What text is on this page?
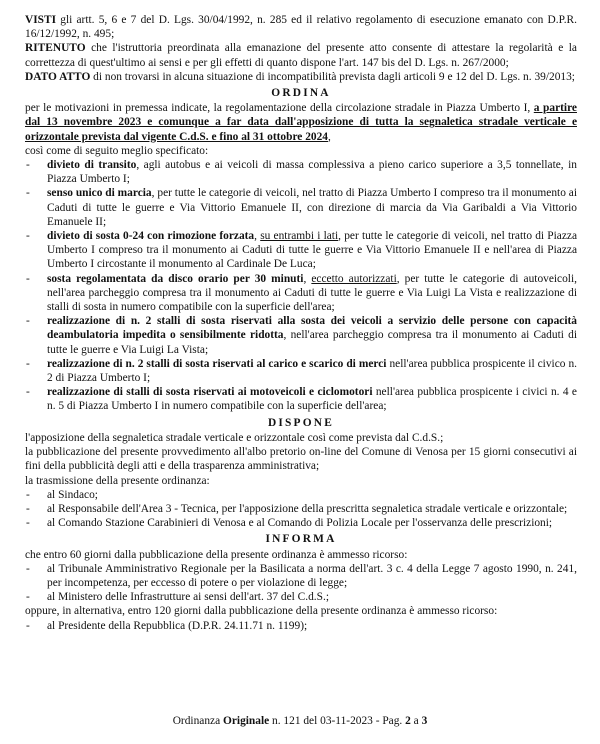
VISTI gli artt. 5, 6 e 7 del D. Lgs. 30/04/1992, n. 285 ed il relativo regolamento di esecuzione emanato con D.P.R. 16/12/1992, n. 495;

RITENUTO che l'istruttoria preordinata alla emanazione del presente atto consente di attestare la regolarità e la correttezza di quest'ultimo ai sensi e per gli effetti di quanto dispone l'art. 147 bis del D. Lgs. n. 267/2000;

DATO ATTO di non trovarsi in alcuna situazione di incompatibilità prevista dagli articoli 9 e 12 del D. Lgs. n. 39/2013;

ORDINA

per le motivazioni in premessa indicate, la regolamentazione della circolazione stradale in Piazza Umberto I, a partire dal 13 novembre 2023 e comunque a far data dall'apposizione di tutta la segnaletica stradale verticale e orizzontale prevista dal vigente C.d.S. e fino al 31 ottobre 2024,
così come di seguito meglio specificato:

- divieto di transito, agli autobus e ai veicoli di massa complessiva a pieno carico superiore a 3,5 tonnellate, in Piazza Umberto I;
- senso unico di marcia, per tutte le categorie di veicoli, nel tratto di Piazza Umberto I compreso tra il monumento ai Caduti di tutte le guerre e Via Vittorio Emanuele II, con direzione di marcia da Via Garibaldi a Via Vittorio Emanuele II;
- divieto di sosta 0-24 con rimozione forzata, su entrambi i lati, per tutte le categorie di veicoli, nel tratto di Piazza Umberto I compreso tra il monumento ai Caduti di tutte le guerre e Via Vittorio Emanuele II e nell'area di Piazza Umberto I circostante il monumento al Cardinale De Luca;
- sosta regolamentata da disco orario per 30 minuti, eccetto autorizzati, per tutte le categorie di autoveicoli, nell'area parcheggio compresa tra il monumento ai Caduti di tutte le guerre e Via Luigi La Vista e realizzazione di stalli di sosta in numero compatibile con la superficie dell'area;
- realizzazione di n. 2 stalli di sosta riservati alla sosta dei veicoli a servizio delle persone con capacità deambulatoria impedita o sensibilmente ridotta, nell'area parcheggio compresa tra il monumento ai Caduti di tutte le guerre e Via Luigi La Vista;
- realizzazione di n. 2 stalli di sosta riservati al carico e scarico di merci nell'area pubblica prospicente il civico n. 2 di Piazza Umberto I;
- realizzazione di stalli di sosta riservati ai motoveicoli e ciclomotori nell'area pubblica prospicente i civici n. 4 e n. 5 di Piazza Umberto I in numero compatibile con la superficie dell'area;
DISPONE

l'apposizione della segnaletica stradale verticale e orizzontale così come prevista dal C.d.S.;

la pubblicazione del presente provvedimento all'albo pretorio on-line del Comune di Venosa per 15 giorni consecutivi ai fini della pubblicità degli atti e della trasparenza amministrativa;

la trasmissione della presente ordinanza:

- al Sindaco;
- al Responsabile dell'Area 3 - Tecnica, per l'apposizione della prescritta segnaletica stradale verticale e orizzontale;
- al Comando Stazione Carabinieri di Venosa e al Comando di Polizia Locale per l'osservanza delle prescrizioni;
INFORMA

che entro 60 giorni dalla pubblicazione della presente ordinanza è ammesso ricorso:

- al Tribunale Amministrativo Regionale per la Basilicata a norma dell'art. 3 c. 4 della Legge 7 agosto 1990, n. 241, per incompetenza, per eccesso di potere o per violazione di legge;
- al Ministero delle Infrastrutture ai sensi dell'art. 37 del C.d.S.;

oppure, in alternativa, entro 120 giorni dalla pubblicazione della presente ordinanza è ammesso ricorso:

- al Presidente della Repubblica (D.P.R. 24.11.71 n. 1199);
Ordinanza Originale n. 121 del 03-11-2023 - Pag. 2 a 3
